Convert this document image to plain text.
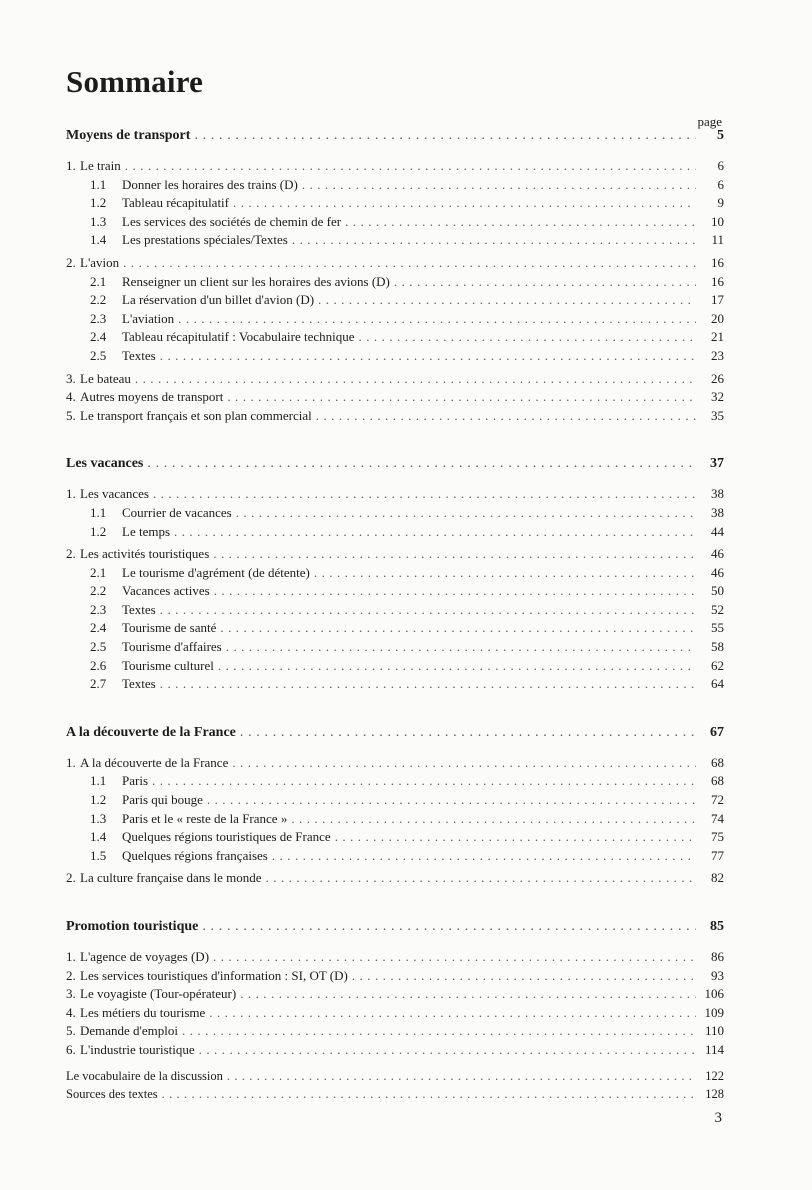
Sommaire
page
Moyens de transport . . .	5
1. Le train . . .	6
1.1	Donner les horaires des trains (D) . . .	6
1.2	Tableau récapitulatif . . .	9
1.3	Les services des sociétés de chemin de fer . . .	10
1.4	Les prestations spéciales/Textes . . .	11
2. L'avion . . .	16
2.1	Renseigner un client sur les horaires des avions (D) . . .	16
2.2	La réservation d'un billet d'avion (D) . . .	17
2.3	L'aviation . . .	20
2.4	Tableau récapitulatif : Vocabulaire technique . . .	21
2.5	Textes . . .	23
3. Le bateau . . .	26
4. Autres moyens de transport . . .	32
5. Le transport français et son plan commercial . . .	35
Les vacances . . .	37
1. Les vacances . . .	38
1.1	Courrier de vacances . . .	38
1.2	Le temps . . .	44
2. Les activités touristiques . . .	46
2.1	Le tourisme d'agrément (de détente) . . .	46
2.2	Vacances actives . . .	50
2.3	Textes . . .	52
2.4	Tourisme de santé . . .	55
2.5	Tourisme d'affaires . . .	58
2.6	Tourisme culturel . . .	62
2.7	Textes . . .	64
A la découverte de la France . . .	67
1. A la découverte de la France . . .	68
1.1	Paris . . .	68
1.2	Paris qui bouge . . .	72
1.3	Paris et le « reste de la France » . . .	74
1.4	Quelques régions touristiques de France . . .	75
1.5	Quelques régions françaises . . .	77
2. La culture française dans le monde . . .	82
Promotion touristique . . .	85
1. L'agence de voyages (D) . . .	86
2. Les services touristiques d'information : SI, OT (D) . . .	93
3. Le voyagiste (Tour-opérateur) . . .	106
4. Les métiers du tourisme . . .	109
5. Demande d'emploi . . .	110
6. L'industrie touristique . . .	114
Le vocabulaire de la discussion . . .	122
Sources des textes . . .	128
3
